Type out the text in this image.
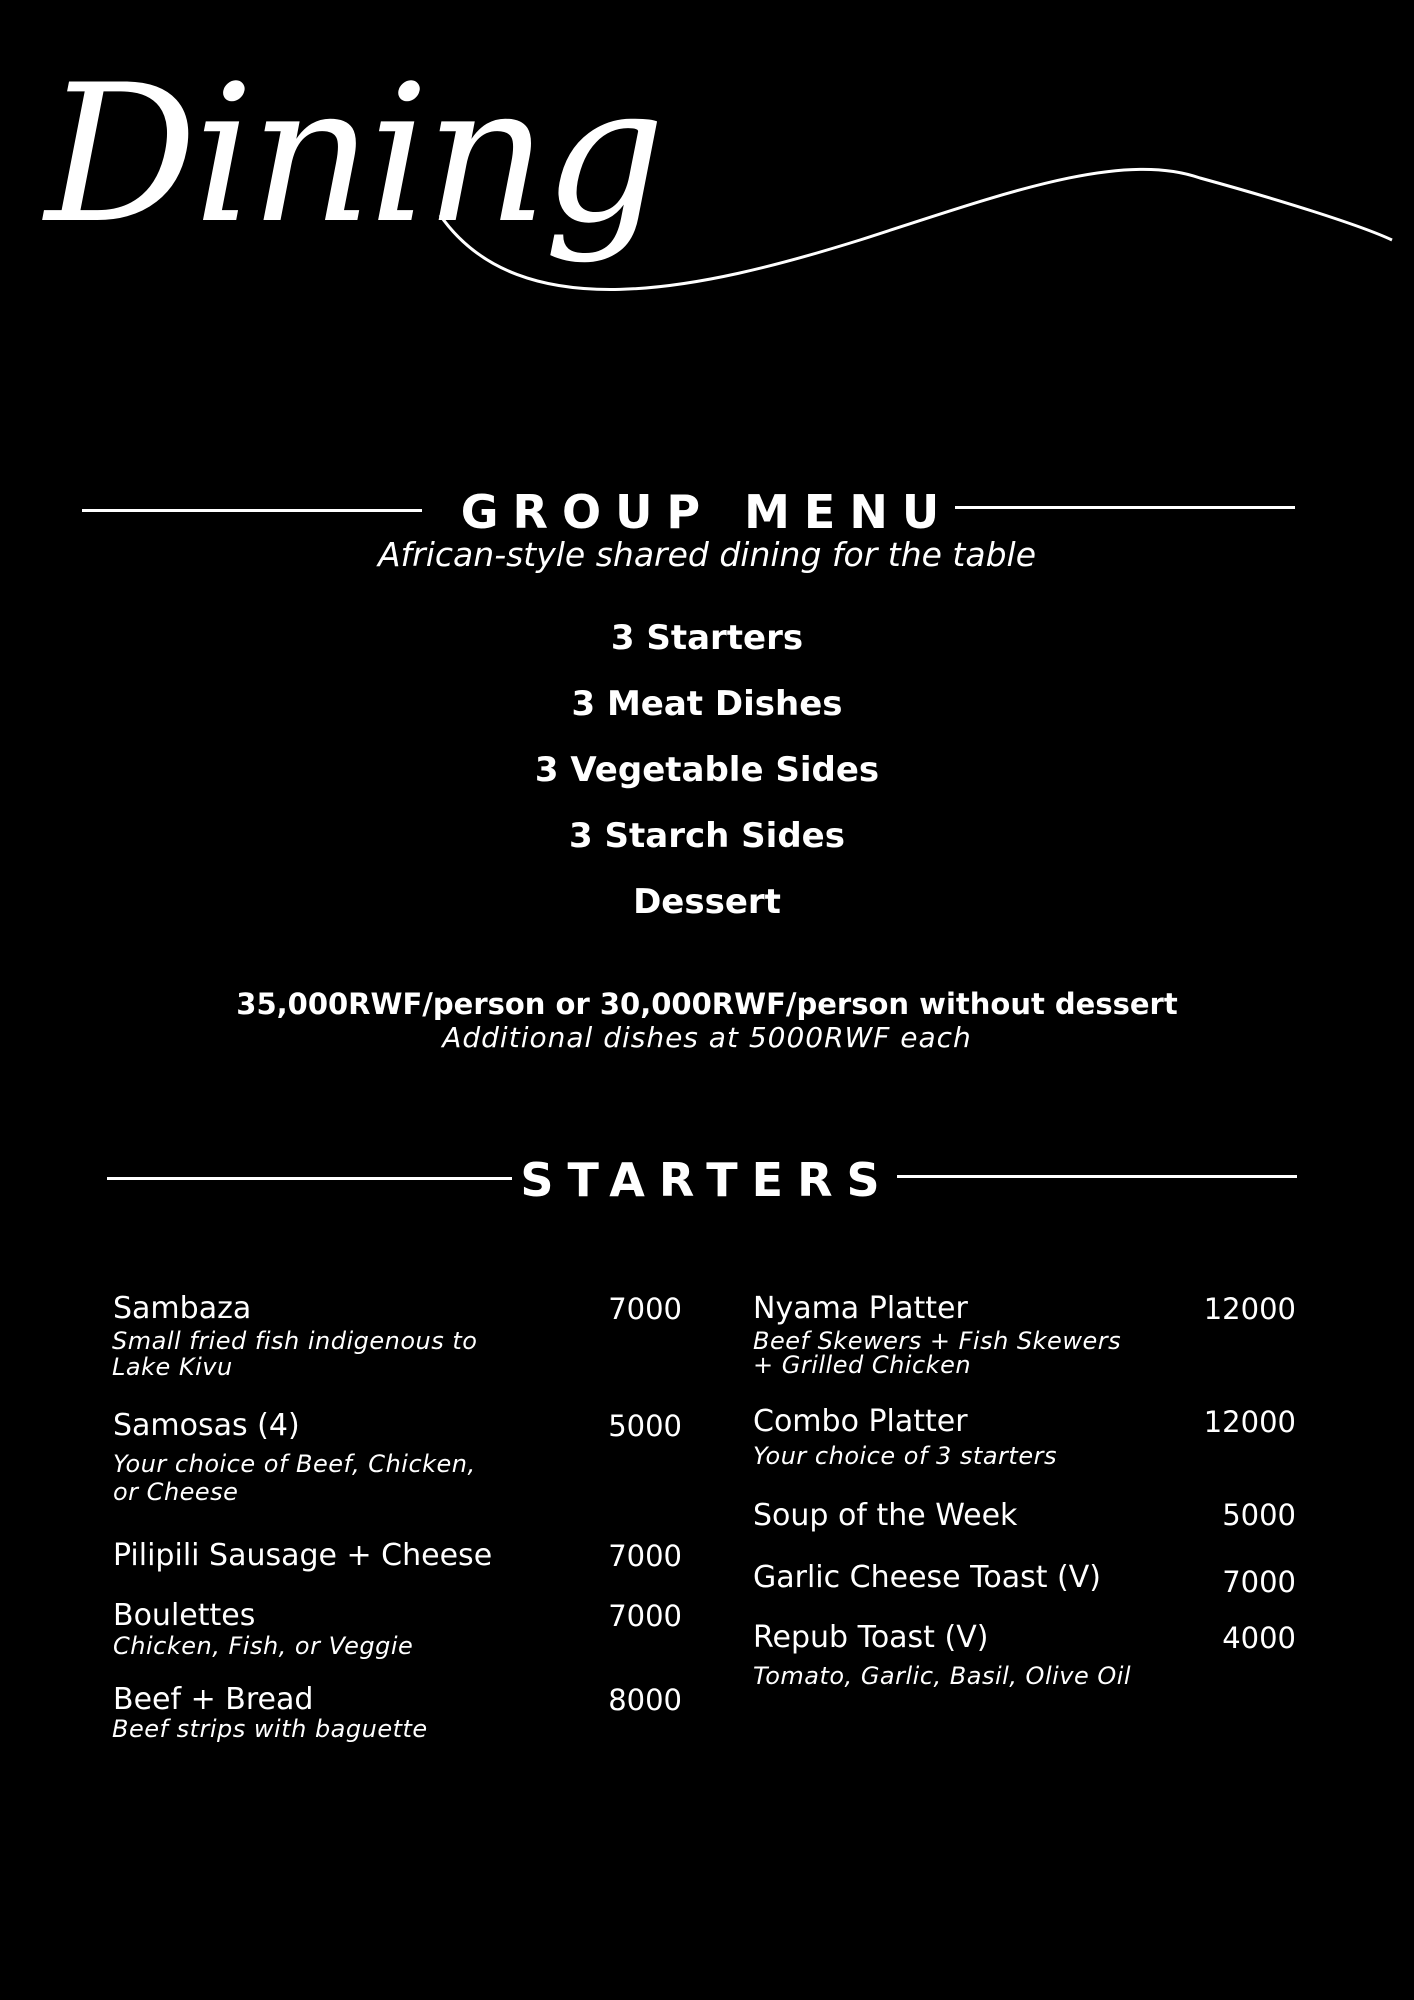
Dining
GROUP MENU
African-style shared dining for the table
3 Starters
3 Meat Dishes
3 Vegetable Sides
3 Starch Sides
Dessert
35,000RWF/person or 30,000RWF/person without dessert
Additional dishes at 5000RWF each
STARTERS
Sambaza	7000
Small fried fish indigenous to
Lake Kivu
Samosas (4)	5000
Your choice of Beef, Chicken,
or Cheese
Pilipili Sausage + Cheese	7000
Boulettes	7000
Chicken, Fish, or Veggie
Beef + Bread	8000
Beef strips with baguette
Nyama Platter	12000
Beef Skewers + Fish Skewers
+ Grilled Chicken
Combo Platter	12000
Your choice of 3 starters
Soup of the Week	5000
Garlic Cheese Toast (V)	7000
Repub Toast (V)	4000
Tomato, Garlic, Basil, Olive Oil
